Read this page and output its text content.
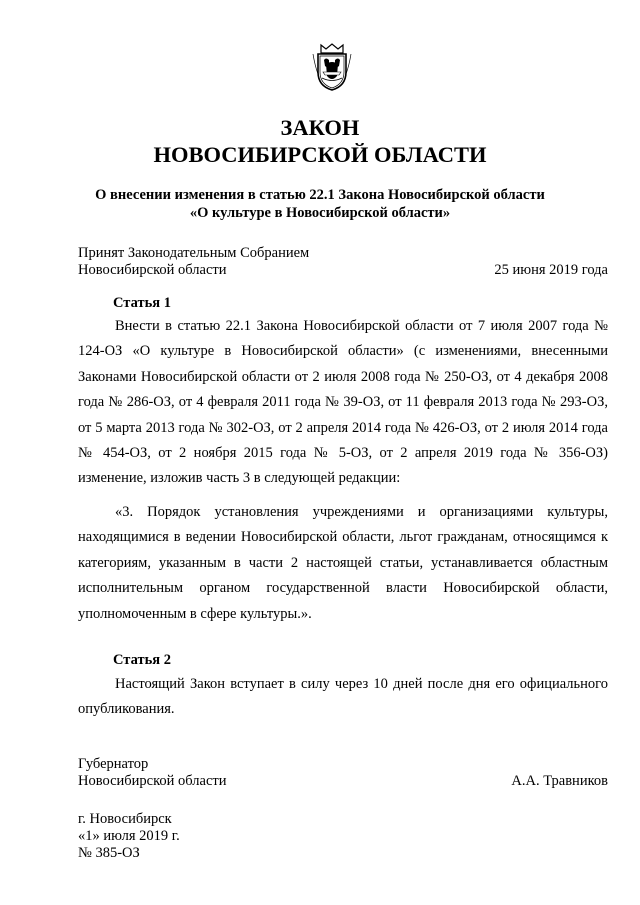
ЗАКОН
НОВОСИБИРСКОЙ ОБЛАСТИ
О внесении изменения в статью 22.1 Закона Новосибирской области
«О культуре в Новосибирской области»
Принят Законодательным Собранием
Новосибирской области	25 июня 2019 года
Статья 1

Внести в статью 22.1 Закона Новосибирской области от 7 июля 2007 года № 124-ОЗ «О культуре в Новосибирской области» (с изменениями, внесенными Законами Новосибирской области от 2 июля 2008 года № 250-ОЗ, от 4 декабря 2008 года № 286-ОЗ, от 4 февраля 2011 года № 39-ОЗ, от 11 февраля 2013 года № 293-ОЗ, от 5 марта 2013 года № 302-ОЗ, от 2 апреля 2014 года № 426-ОЗ, от 2 июля 2014 года № 454-ОЗ, от 2 ноября 2015 года № 5-ОЗ, от 2 апреля 2019 года № 356-ОЗ) изменение, изложив часть 3 в следующей редакции:

«3. Порядок установления учреждениями и организациями культуры, находящимися в ведении Новосибирской области, льгот гражданам, относящимся к категориям, указанным в части 2 настоящей статьи, устанавливается областным исполнительным органом государственной власти Новосибирской области, уполномоченным в сфере культуры.».

Статья 2

Настоящий Закон вступает в силу через 10 дней после дня его официального опубликования.

Губернатор
Новосибирской области	А.А. Травников
г. Новосибирск
«1» июля 2019 г.
№ 385-ОЗ
